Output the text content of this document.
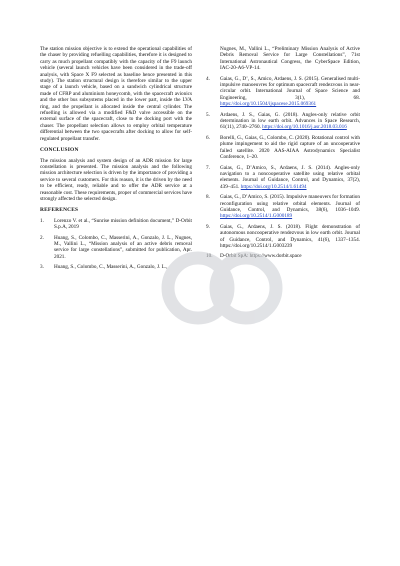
The station mission objective is to extend the operational capabilities of the chaser by providing refuelling capabilities, therefore it is designed to carry as much propellant compatibly with the capacity of the F9 launch vehicle (several launch vehicles have been considered in the trade-off analysis, with Space X F9 selected as baseline hence presented in this study). The station structural design is therefore similar to the upper stage of a launch vehicle, based on a sandwich cylindrical structure made of CFRP and aluminium honeycomb, with the spacecraft avionics and the other bus subsystems placed in the lower part, inside the LVA ring, and the propellant is allocated inside the central cylinder. The refuelling is allowed via a modified F&D valve accessible on the external surface of the spacecraft, close to the docking port with the chaser. The propellant selection allows to employ orbital temperature differential between the two spacecrafts after docking to allow for self-regulated propellant transfer.

CONCLUSION

The mission analysis and system design of an ADR mission for large constellation is presented. The mission analysis and the following mission architecture selection is driven by the importance of providing a service to several customers. For this reason, it is the driven by the need to be efficient, ready, reliable and to offer the ADR service at a reasonable cost. These requirements, proper of commercial services have strongly affected the selected design.

REFERENCES
1.	Lorenzo V. et al., “Sunrise mission definition document,” D-Orbit S.p.A, 2019
2.	Huang, S., Colombo, C., Masserini, A., Gonzalo, J. L., Nugnes, M., Vallini L., “Mission analysis of an active debris removal service for large constellations”, submitted for publication, Apr. 2021.
3.	Huang, S., Colombo, C., Masserini, A., Gonzalo, J. L.,
Nugnes, M., Vallini L., “Preliminary Mission Analysis of Active Debris Removal Service for Large Constellations”, 71st International Astronautical Congress, the CyberSpace Edition, IAC-20-A6-VP-14.
4.	Gaias, G., D’, S., Amico, Ardaens, J. S. (2015). Generalised multi-impulsive manoeuvres for optimum spacecraft rendezvous in near-circular orbit. International Journal of Space Science and Engineering, 3(1), 68. https://doi.org/10.1504/ijspacese.2015.069361
5.	Ardaens, J. S., Gaias, G. (2018). Angles-only relative orbit determination in low earth orbit. Advances in Space Research, 61(11), 2740–2760. https://doi.org/10.1016/j.asr.2018.03.016
6.	Borelli, G., Gaias, G., Colombo, C. (2020). Rotational control with plume impingement to aid the rigid capture of an uncooperative failed satellite. 2020 AAS-AIAA Astrodynamics Specialist Conference, 1–20.
7.	Gaias, G., D’Amico, S., Ardaens, J. S. (2014). Angles-only navigation to a noncooperative satellite using relative orbital elements. Journal of Guidance, Control, and Dynamics, 37(2), 439–451. https://doi.org/10.2514/1.61494
8.	Gaias, G., D’Amico, S. (2015). Impulsive maneuvers for formation reconfiguration using relative orbital elements. Journal of Guidance, Control, and Dynamics, 38(6), 1036–1049. https://doi.org/10.2514/1.G000189
9.	Gaias, G., Ardaens, J. S. (2018). Flight demonstration of autonomous noncooperative rendezvous in low earth orbit. Journal of Guidance, Control, and Dynamics, 41(6), 1337–1354. https://doi.org/10.2514/1.G003239
10.	D-Orbit SpA: https://www.dorbit.space
